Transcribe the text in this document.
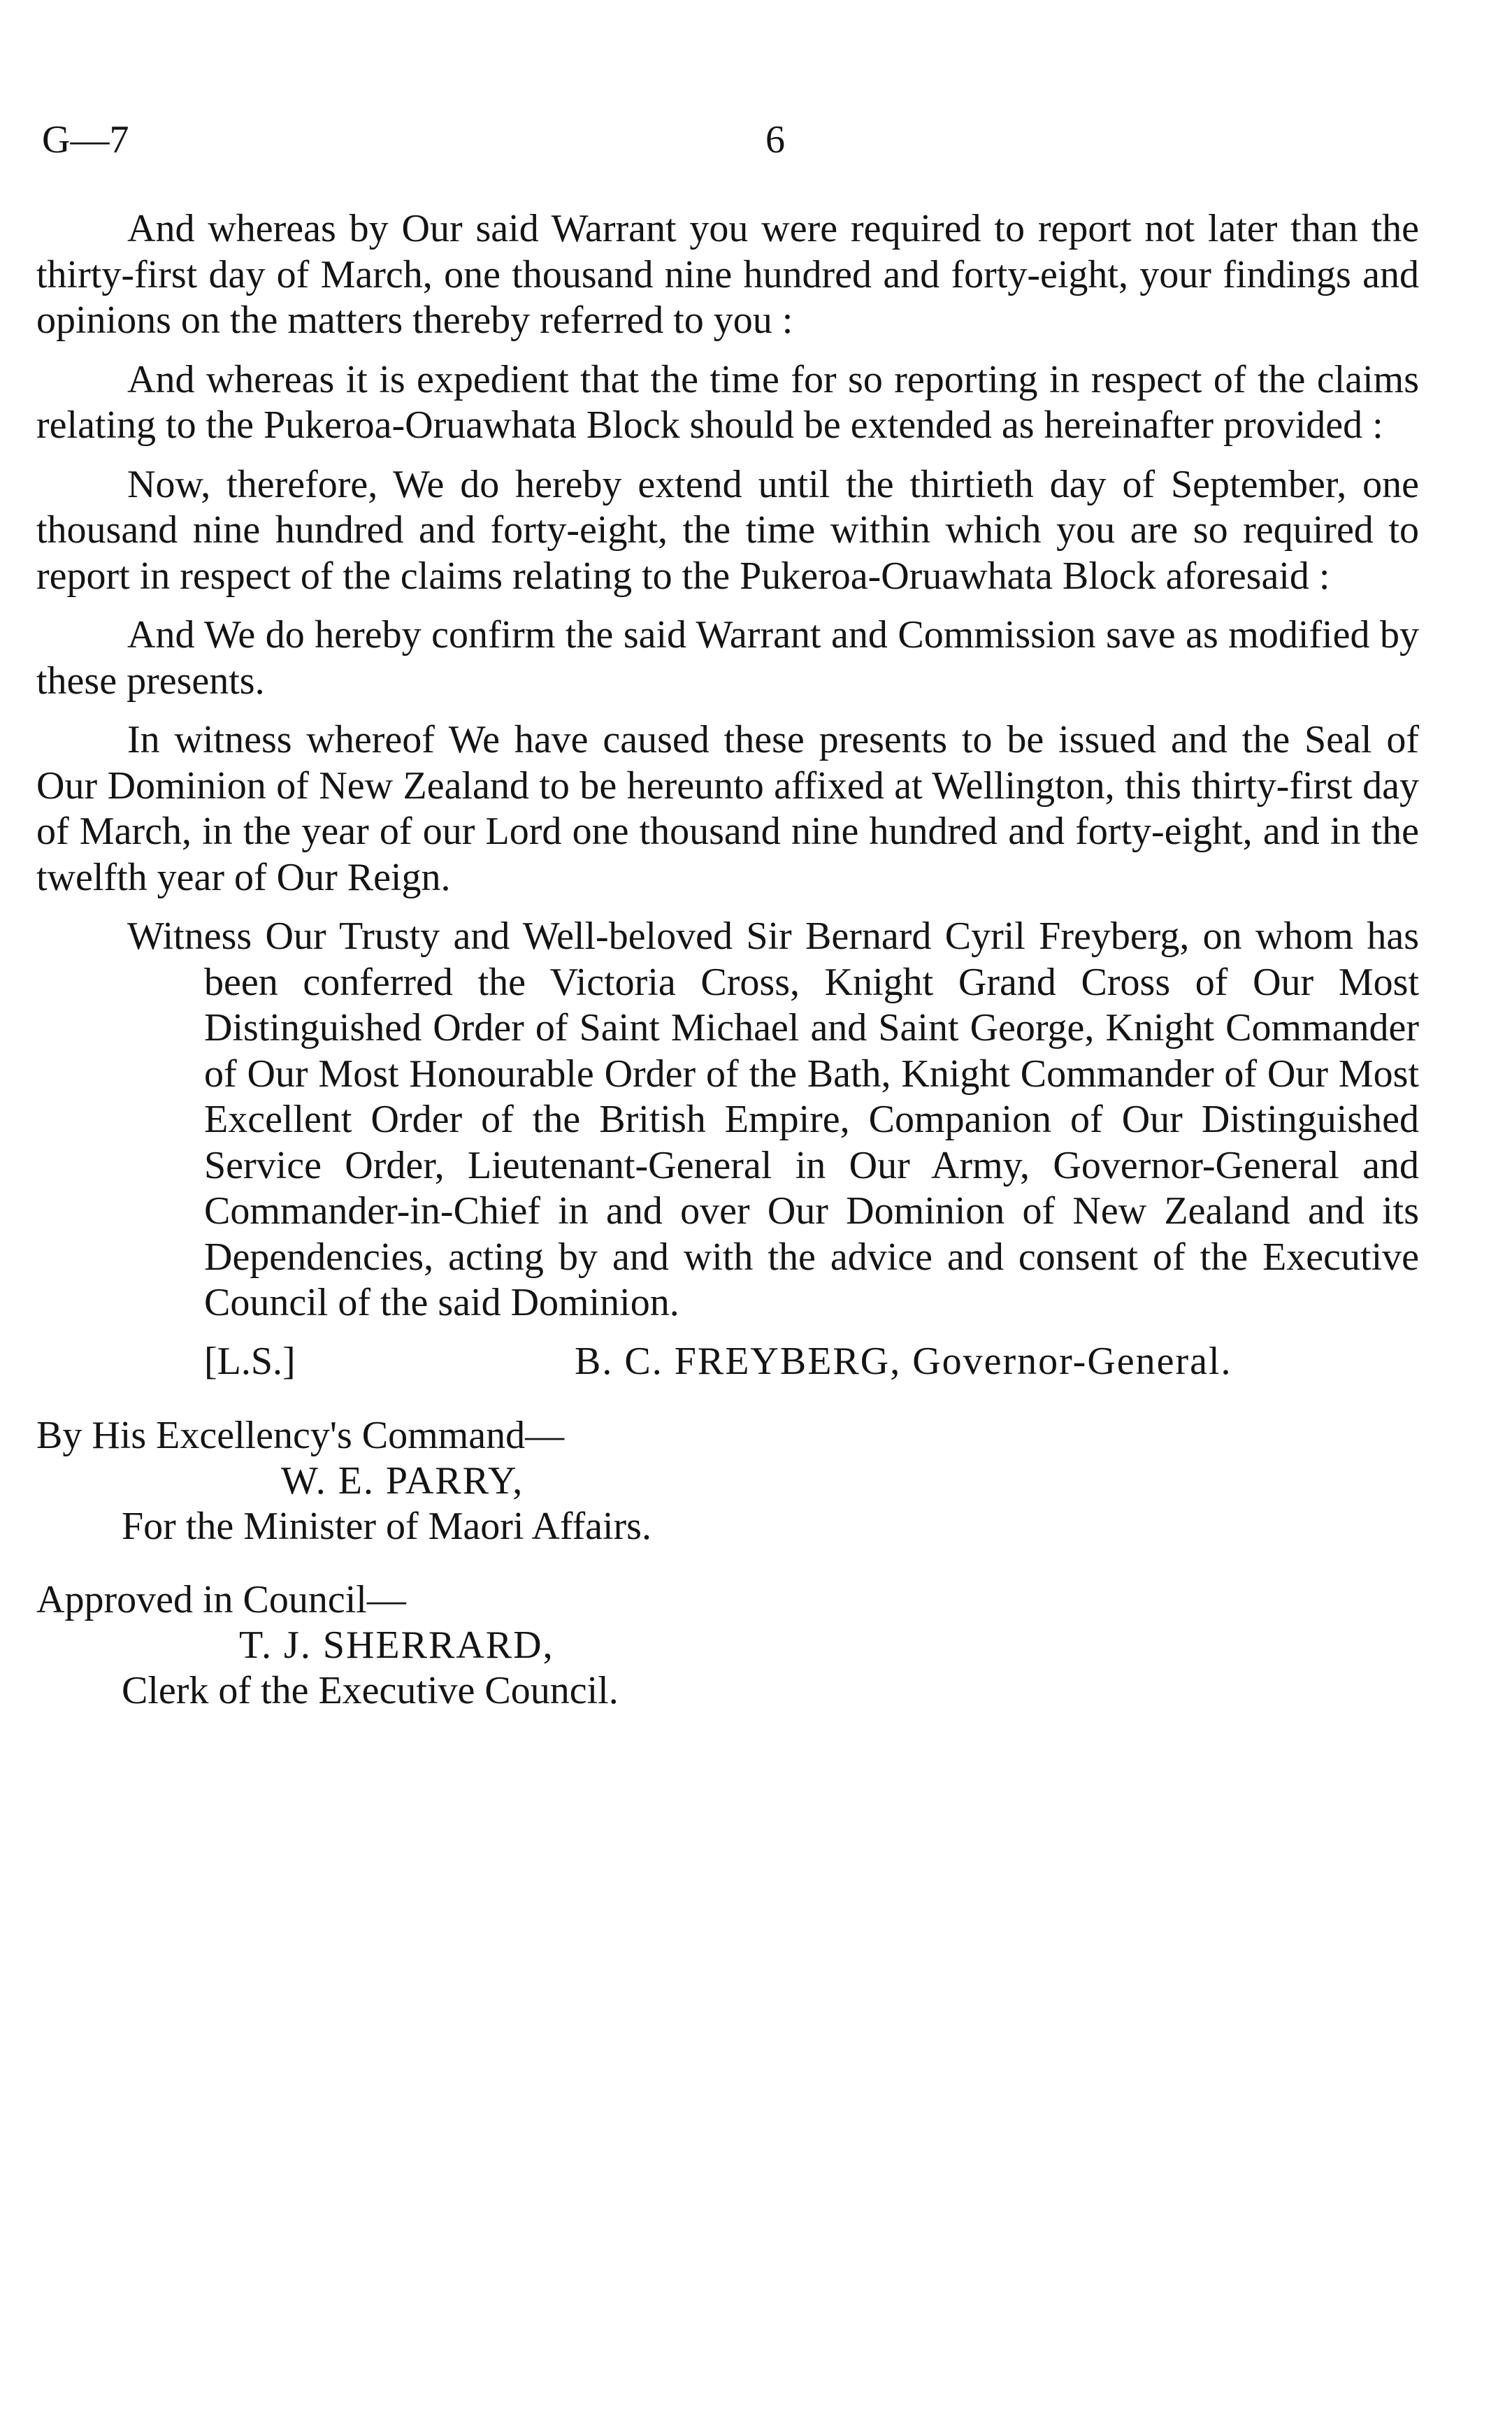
G—7	6

And whereas by Our said Warrant you were required to report not later than the thirty-first day of March, one thousand nine hundred and forty-eight, your findings and opinions on the matters thereby referred to you :

And whereas it is expedient that the time for so reporting in respect of the claims relating to the Pukeroa-Oruawhata Block should be extended as hereinafter provided :

Now, therefore, We do hereby extend until the thirtieth day of September, one thousand nine hundred and forty-eight, the time within which you are so required to report in respect of the claims relating to the Pukeroa-Oruawhata Block aforesaid :

And We do hereby confirm the said Warrant and Commission save as modified by these presents.

In witness whereof We have caused these presents to be issued and the Seal of Our Dominion of New Zealand to be hereunto affixed at Wellington, this thirty-first day of March, in the year of our Lord one thousand nine hundred and forty-eight, and in the twelfth year of Our Reign.

Witness Our Trusty and Well-beloved Sir Bernard Cyril Freyberg, on whom has been conferred the Victoria Cross, Knight Grand Cross of Our Most Distinguished Order of Saint Michael and Saint George, Knight Commander of Our Most Honourable Order of the Bath, Knight Commander of Our Most Excellent Order of the British Empire, Companion of Our Distinguished Service Order, Lieutenant-General in Our Army, Governor-General and Commander-in-Chief in and over Our Dominion of New Zealand and its Dependencies, acting by and with the advice and consent of the Executive Council of the said Dominion.

[L.S.]	B. C. FREYBERG, Governor-General.
By His Excellency's Command—
W. E. PARRY,
For the Minister of Maori Affairs.
Approved in Council—
T. J. SHERRARD,
Clerk of the Executive Council.
